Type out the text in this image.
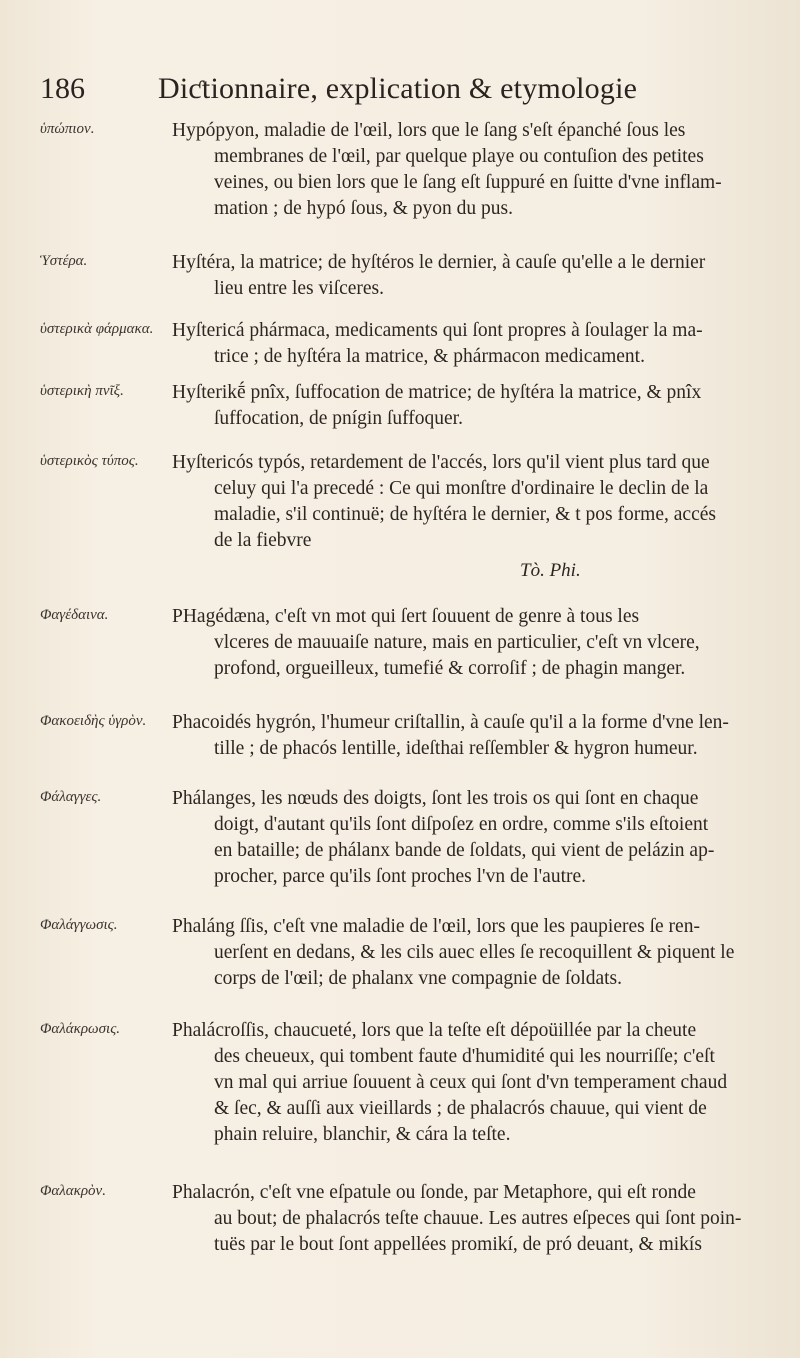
186 Diƈtionnaire, explication & etymologie
ὑπώπιον.	Hypópyon, maladie de l'œil, lors que le ſang s'eſt épanché ſous les
membranes de l'œil, par quelque playe ou contuſion des petites
veines, ou bien lors que le ſang eſt ſuppuré en ſuitte d'vne inflam-
mation ; de hypó ſous, & pyon du pus.
Ὑστέρα.	Hyſtéra, la matrice; de hyſtéros le dernier, à cauſe qu'elle a le dernier
lieu entre les viſceres.
ὑστερικὰ φάρμακα. Hyſtericá phármaca, medicaments qui ſont propres à ſoulager la ma-
trice ; de hyſtéra la matrice, & phármacon medicament.
ὑστερικὴ πνῖξ.	Hyſterikḗ pnîx, ſuffocation de matrice; de hyſtéra la matrice, & pnîx
ſuffocation, de pnígin ſuffoquer.
ὑστερικὸς τύπος.	Hyſtericós typós, retardement de l'accés, lors qu'il vient plus tard que
celuy qui l'a precedé : Ce qui monſtre d'ordinaire le declin de la
maladie, s'il continuë; de hyſtéra le dernier, & t pos forme, accés
de la fiebvre
Tò. Phi.
Φαγέδαινα.	PHagédæna, c'eſt vn mot qui ſert ſouuent de genre à tous les
vlceres de mauuaiſe nature, mais en particulier, c'eſt vn vlcere,
profond, orgueilleux, tumefié & corroſif ; de phagin manger.
Φακοειδὴς ὑγρὸν.	Phacoidés hygrón, l'humeur criſtallin, à cauſe qu'il a la forme d'vne len-
tille ; de phacós lentille, ideſthai reſſembler & hygron humeur.
Φάλαγγες.	Phálanges, les nœuds des doigts, ſont les trois os qui ſont en chaque
doigt, d'autant qu'ils ſont diſpoſez en ordre, comme s'ils eſtoient
en bataille; de phálanx bande de ſoldats, qui vient de pelázin ap-
procher, parce qu'ils ſont proches l'vn de l'autre.
Φαλάγγωσις.	Phaláng ſſis, c'eſt vne maladie de l'œil, lors que les paupieres ſe ren-
uerſent en dedans, & les cils auec elles ſe recoquillent & piquent le
corps de l'œil; de phalanx vne compagnie de ſoldats.
Φαλάκρωσις.	Phalácroſſis, chaucueté, lors que la teſte eſt dépoüillée par la cheute
des cheueux, qui tombent faute d'humidité qui les nourriſſe; c'eſt
vn mal qui arriue ſouuent à ceux qui ſont d'vn temperament chaud
& ſec, & auſſi aux vieillards ; de phalacrós chauue, qui vient de
phain reluire, blanchir, & cára la teſte.
Φαλακρὸν.	Phalacrón, c'eſt vne eſpatule ou ſonde, par Metaphore, qui eſt ronde
au bout; de phalacrós teſte chauue. Les autres eſpeces qui ſont poin-
tuës par le bout ſont appellées promikí, de pró deuant, & mikís
